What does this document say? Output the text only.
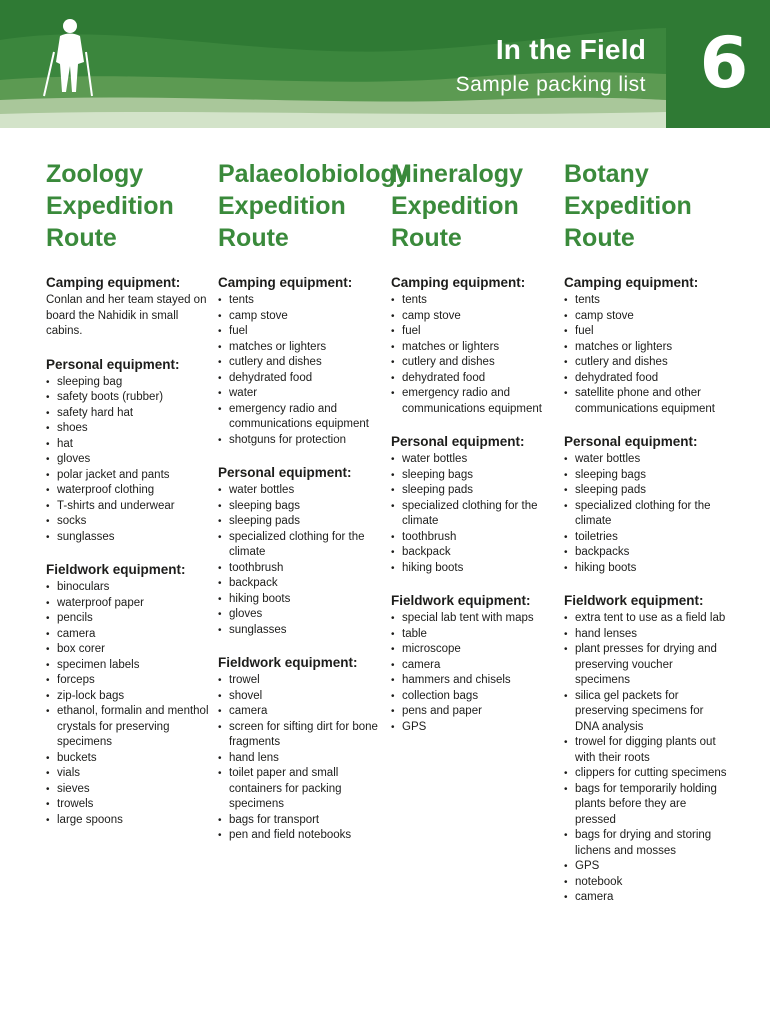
In the Field
Sample packing list 6
Zoology
Expedition
Route
Camping equipment:
Conlan and her team stayed on board the Nahidik in small cabins.
Personal equipment:
• sleeping bag
• safety boots (rubber)
• safety hard hat
• shoes
• hat
• gloves
• polar jacket and pants
• waterproof clothing
• T-shirts and underwear
• socks
• sunglasses
Fieldwork equipment:
• binoculars
• waterproof paper
• pencils
• camera
• box corer
• specimen labels
• forceps
• zip-lock bags
• ethanol, formalin and menthol crystals for preserving specimens
• buckets
• vials
• sieves
• trowels
• large spoons
Palaeolobiology
Expedition
Route
Camping equipment:
• tents
• camp stove
• fuel
• matches or lighters
• cutlery and dishes
• dehydrated food
• water
• emergency radio and communications equipment
• shotguns for protection
Personal equipment:
• water bottles
• sleeping bags
• sleeping pads
• specialized clothing for the climate
• toothbrush
• backpack
• hiking boots
• gloves
• sunglasses
Fieldwork equipment:
• trowel
• shovel
• camera
• screen for sifting dirt for bone fragments
• hand lens
• toilet paper and small containers for packing specimens
• bags for transport
• pen and field notebooks
Mineralogy
Expedition
Route
Camping equipment:
• tents
• camp stove
• fuel
• matches or lighters
• cutlery and dishes
• dehydrated food
• emergency radio and communications equipment
Personal equipment:
• water bottles
• sleeping bags
• sleeping pads
• specialized clothing for the climate
• toothbrush
• backpack
• hiking boots
Fieldwork equipment:
• special lab tent with maps
• table
• microscope
• camera
• hammers and chisels
• collection bags
• pens and paper
• GPS
Botany
Expedition
Route
Camping equipment:
• tents
• camp stove
• fuel
• matches or lighters
• cutlery and dishes
• dehydrated food
• satellite phone and other communications equipment
Personal equipment:
• water bottles
• sleeping bags
• sleeping pads
• specialized clothing for the climate
• toiletries
• backpacks
• hiking boots
Fieldwork equipment:
• extra tent to use as a field lab
• hand lenses
• plant presses for drying and preserving voucher specimens
• silica gel packets for preserving specimens for DNA analysis
• trowel for digging plants out with their roots
• clippers for cutting specimens
• bags for temporarily holding plants before they are pressed
• bags for drying and storing lichens and mosses
• GPS
• notebook
• camera
